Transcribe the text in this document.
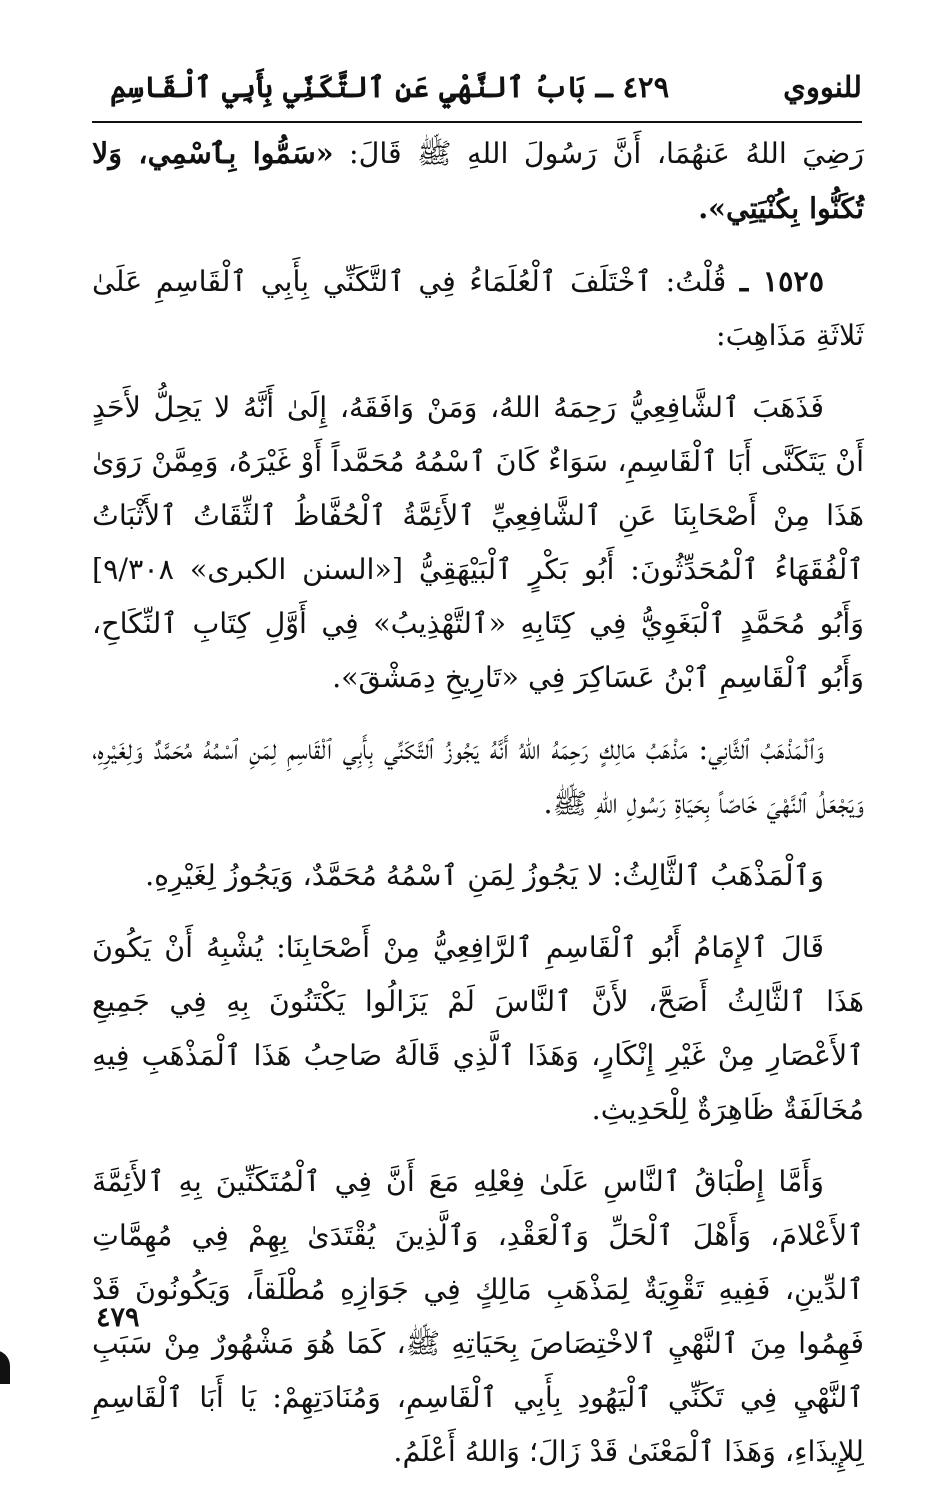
للنووي
٤٢٩ ـ بَابُ ٱلنَّهْيِ عَنِ ٱلتَّكَنِّي بِأَبِي ٱلْقَاسِمِ

رَضِيَ اللهُ عَنهُمَا، أَنَّ رَسُولَ اللهِ ﷺ قَالَ: «سَمُّوا بِٱسْمِي، وَلا تُكَنُّوا بِكُنْيَتِي».

١٥٢٥ ـ قُلْتُ: ٱخْتَلَفَ ٱلْعُلَمَاءُ فِي ٱلتَّكَنِّي بِأَبِي ٱلْقَاسِمِ عَلَىٰ ثَلاثَةِ مَذَاهِبَ:

فَذَهَبَ ٱلشَّافِعِيُّ رَحِمَهُ اللهُ، وَمَنْ وَافَقَهُ، إِلَىٰ أَنَّهُ لا يَحِلُّ لأَحَدٍ أَنْ يَتَكَنَّى أَبَا ٱلْقَاسِمِ، سَوَاءٌ كَانَ ٱسْمُهُ مُحَمَّداً أَوْ غَيْرَهُ، وَمِمَّنْ رَوَىٰ هَذَا مِنْ أَصْحَابِنَا عَنِ ٱلشَّافِعِيِّ ٱلأَئِمَّةُ ٱلْحُفَّاظُ ٱلثِّقَاتُ ٱلأَثْبَاتُ ٱلْفُقَهَاءُ ٱلْمُحَدِّثُونَ: أَبُو بَكْرٍ ٱلْبَيْهَقِيُّ [«السنن الكبرى» ٩/٣٠٨] وَأَبُو مُحَمَّدٍ ٱلْبَغَوِيُّ فِي كِتَابِهِ «ٱلتَّهْذِيبُ» فِي أَوَّلِ كِتَابِ ٱلنِّكَاحِ، وَأَبُو ٱلْقَاسِمِ ٱبْنُ عَسَاكِرَ فِي «تَارِيخِ دِمَشْقَ».

وَٱلْمَذْهَبُ ٱلثَّانِي: مَذْهَبُ مَالِكٍ رَحِمَهُ اللهُ أَنَّهُ يَجُوزُ ٱلتَّكَنِّي بِأَبِي ٱلْقَاسِمِ لِمَنِ ٱسْمُهُ مُحَمَّدٌ وَلِغَيْرِهِ، وَيَجْعَلُ ٱلنَّهْيَ خَاصّاً بِحَيَاةِ رَسُولِ اللهِ ﷺ.

وَٱلْمَذْهَبُ ٱلثَّالِثُ: لا يَجُوزُ لِمَنِ ٱسْمُهُ مُحَمَّدٌ، وَيَجُوزُ لِغَيْرِهِ.

قَالَ ٱلإِمَامُ أَبُو ٱلْقَاسِمِ ٱلرَّافِعِيُّ مِنْ أَصْحَابِنَا: يُشْبِهُ أَنْ يَكُونَ هَذَا ٱلثَّالِثُ أَصَحَّ، لأَنَّ ٱلنَّاسَ لَمْ يَزَالُوا يَكْتَنُونَ بِهِ فِي جَمِيعِ ٱلأَعْصَارِ مِنْ غَيْرِ إِنْكَارٍ، وَهَذَا ٱلَّذِي قَالَهُ صَاحِبُ هَذَا ٱلْمَذْهَبِ فِيهِ مُخَالَفَةٌ ظَاهِرَةٌ لِلْحَدِيثِ.

وَأَمَّا إِطْبَاقُ ٱلنَّاسِ عَلَىٰ فِعْلِهِ مَعَ أَنَّ فِي ٱلْمُتَكَنِّينَ بِهِ ٱلأَئِمَّةَ ٱلأَعْلامَ، وَأَهْلَ ٱلْحَلِّ وَٱلْعَقْدِ، وَٱلَّذِينَ يُقْتَدَىٰ بِهِمْ فِي مُهِمَّاتِ ٱلدِّينِ، فَفِيهِ تَقْوِيَةٌ لِمَذْهَبِ مَالِكٍ فِي جَوَازِهِ مُطْلَقاً، وَيَكُونُونَ قَدْ فَهِمُوا مِنَ ٱلنَّهْيِ ٱلاخْتِصَاصَ بِحَيَاتِهِ ﷺ، كَمَا هُوَ مَشْهُورٌ مِنْ سَبَبِ ٱلنَّهْيِ فِي تَكَنِّي ٱلْيَهُودِ بِأَبِي ٱلْقَاسِمِ، وَمُنَادَتِهِمْ: يَا أَبَا ٱلْقَاسِمِ لِلإِيذَاءِ، وَهَذَا ٱلْمَعْنَىٰ قَدْ زَالَ؛ وَاللهُ أَعْلَمُ.

٤٧٩
